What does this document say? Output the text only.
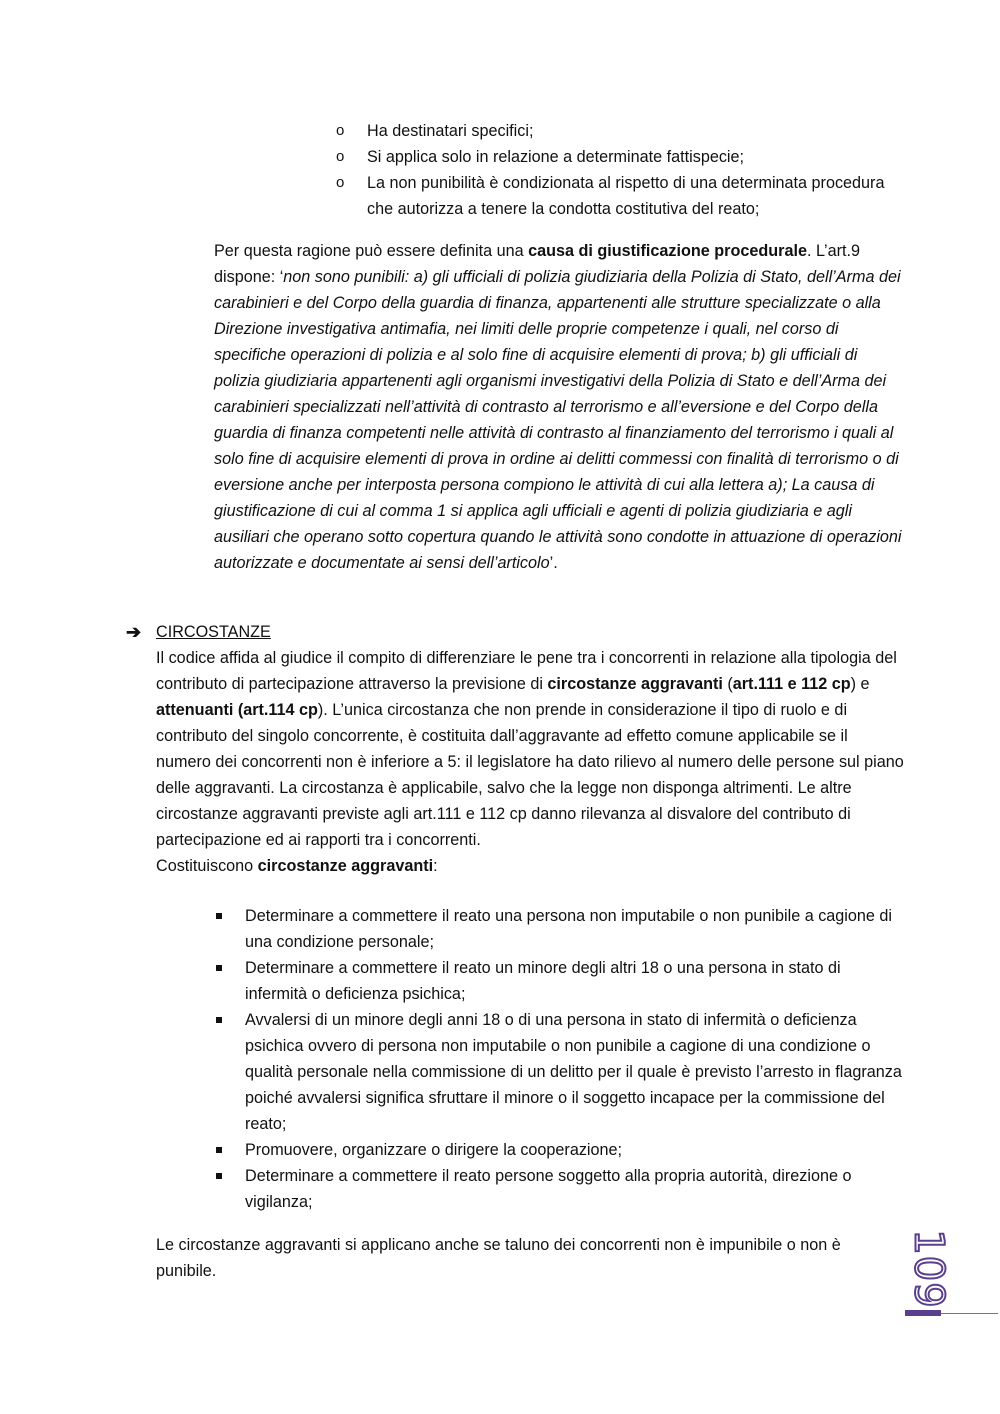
o Ha destinatari specifici;
o Si applica solo in relazione a determinate fattispecie;
o La non punibilità è condizionata al rispetto di una determinata procedura che autorizza a tenere la condotta costitutiva del reato;
Per questa ragione può essere definita una causa di giustificazione procedurale. L’art.9 dispone: ‘non sono punibili: a) gli ufficiali di polizia giudiziaria della Polizia di Stato, dell’Arma dei carabinieri e del Corpo della guardia di finanza, appartenenti alle strutture specializzate o alla Direzione investigativa antimafia, nei limiti delle proprie competenze i quali, nel corso di specifiche operazioni di polizia e al solo fine di acquisire elementi di prova; b) gli ufficiali di polizia giudiziaria appartenenti agli organismi investigativi della Polizia di Stato e dell’Arma dei carabinieri specializzati nell’attività di contrasto al terrorismo e all’eversione e del Corpo della guardia di finanza competenti nelle attività di contrasto al finanziamento del terrorismo i quali al solo fine di acquisire elementi di prova in ordine ai delitti commessi con finalità di terrorismo o di eversione anche per interposta persona compiono le attività di cui alla lettera a); La causa di giustificazione di cui al comma 1 si applica agli ufficiali e agenti di polizia giudiziaria e agli ausiliari che operano sotto copertura quando le attività sono condotte in attuazione di operazioni autorizzate e documentate ai sensi dell’articolo’.
➔ CIRCOSTANZE
Il codice affida al giudice il compito di differenziare le pene tra i concorrenti in relazione alla tipologia del contributo di partecipazione attraverso la previsione di circostanze aggravanti (art.111 e 112 cp) e attenuanti (art.114 cp). L’unica circostanza che non prende in considerazione il tipo di ruolo e di contributo del singolo concorrente, è costituita dall’aggravante ad effetto comune applicabile se il numero dei concorrenti non è inferiore a 5: il legislatore ha dato rilievo al numero delle persone sul piano delle aggravanti. La circostanza è applicabile, salvo che la legge non disponga altrimenti. Le altre circostanze aggravanti previste agli art.111 e 112 cp danno rilevanza al disvalore del contributo di partecipazione ed ai rapporti tra i concorrenti.
Costituiscono circostanze aggravanti:
Determinare a commettere il reato una persona non imputabile o non punibile a cagione di una condizione personale;
Determinare a commettere il reato un minore degli altri 18 o una persona in stato di infermità o deficienza psichica;
Avvalersi di un minore degli anni 18 o di una persona in stato di infermità o deficienza psichica ovvero di persona non imputabile o non punibile a cagione di una condizione o qualità personale nella commissione di un delitto per il quale è previsto l’arresto in flagranza poiché avvalersi significa sfruttare il minore o il soggetto incapace per la commissione del reato;
Promuovere, organizzare o dirigere la cooperazione;
Determinare a commettere il reato persone soggetto alla propria autorità, direzione o vigilanza;
Le circostanze aggravanti si applicano anche se taluno dei concorrenti non è impunibile o non è punibile.	109
